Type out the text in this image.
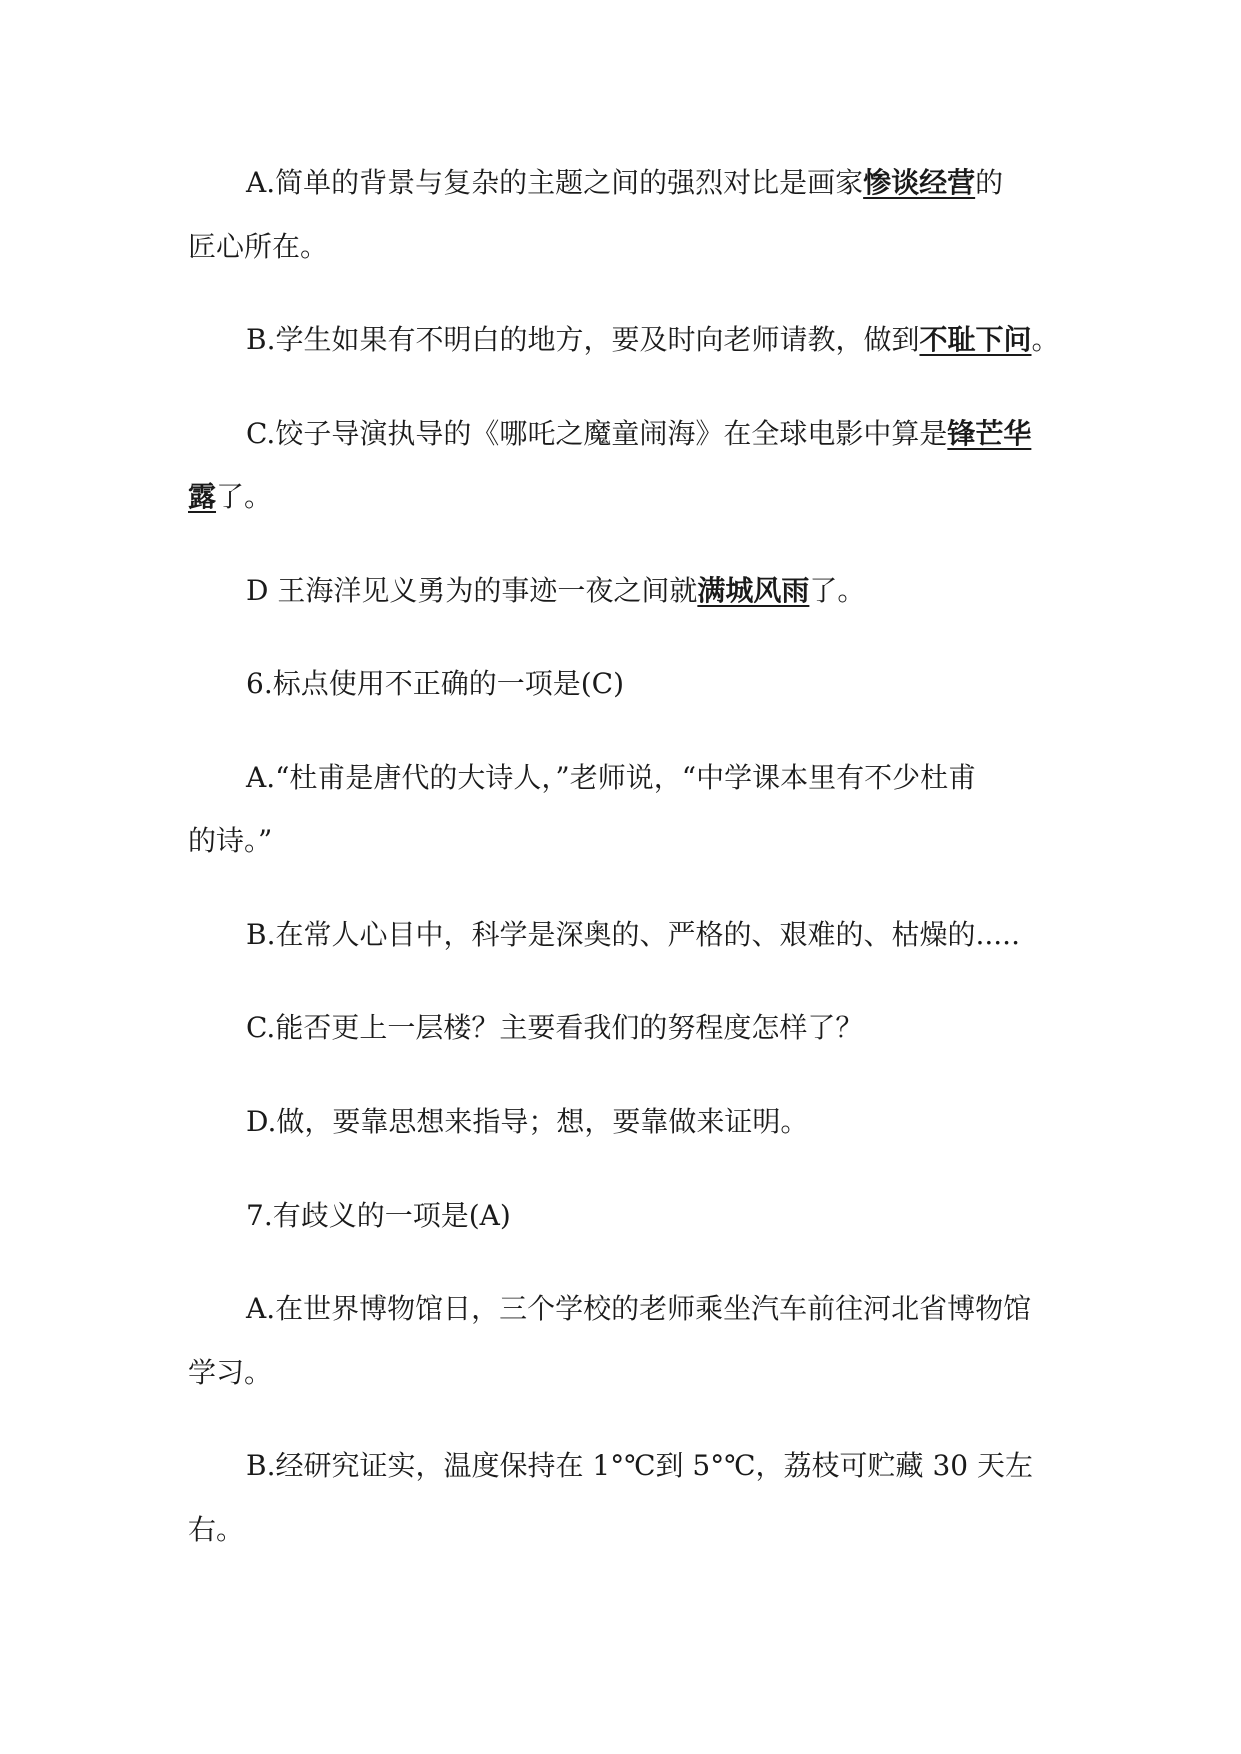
A.简单的背景与复杂的主题之间的强烈对比是画家惨谈经营的
匠心所在。
B.学生如果有不明白的地方，要及时向老师请教，做到不耻下问。
C.饺子导演执导的《哪吒之魔童闹海》在全球电影中算是锋芒华
露了。
D 王海洋见义勇为的事迹一夜之间就满城风雨了。
6.标点使用不正确的一项是(C)
A.“杜甫是唐代的大诗人，”老师说，“中学课本里有不少杜甫
的诗。”
B.在常人心目中，科学是深奥的、严格的、艰难的、枯燥的.....
C.能否更上一层楼？主要看我们的努程度怎样了？
D.做，要靠思想来指导；想，要靠做来证明。
7.有歧义的一项是(A)
A.在世界博物馆日，三个学校的老师乘坐汽车前往河北省博物馆
学习。
B.经研究证实，温度保持在 1°℃到 5°℃，荔枝可贮藏 30 天左
右。
